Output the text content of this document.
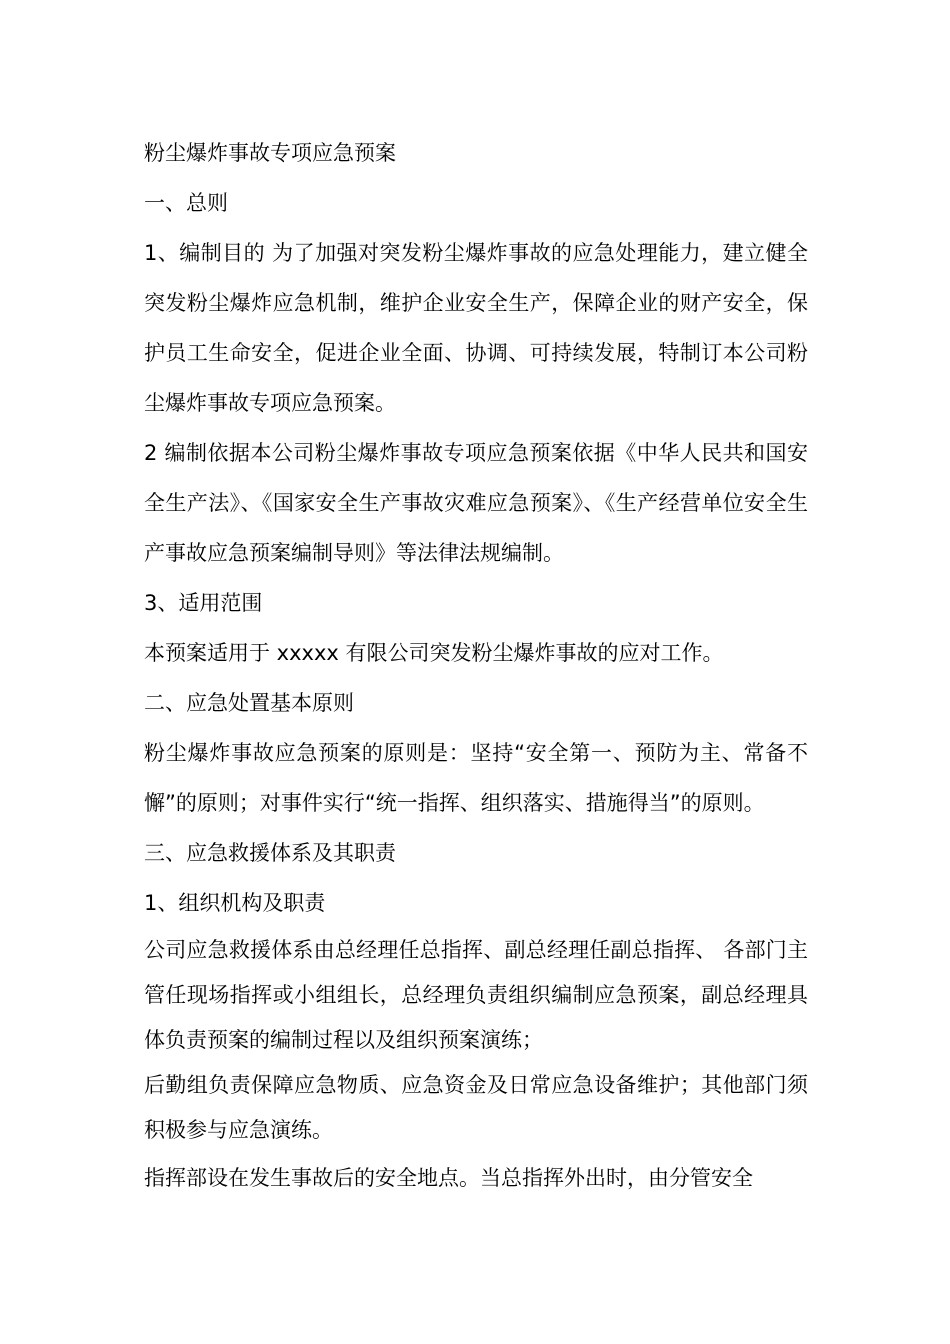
粉尘爆炸事故专项应急预案

一、总则

1、编制目的 为了加强对突发粉尘爆炸事故的应急处理能力，建立健全突发粉尘爆炸应急机制，维护企业安全生产，保障企业的财产安全，保护员工生命安全，促进企业全面、协调、可持续发展，特制订本公司粉尘爆炸事故专项应急预案。

2 编制依据本公司粉尘爆炸事故专项应急预案依据《中华人民共和国安全生产法》、《国家安全生产事故灾难应急预案》、《生产经营单位安全生产事故应急预案编制导则》等法律法规编制。

3、适用范围

本预案适用于 xxxxx 有限公司突发粉尘爆炸事故的应对工作。

二、应急处置基本原则

粉尘爆炸事故应急预案的原则是：坚持“安全第一、预防为主、常备不懈”的原则；对事件实行“统一指挥、组织落实、措施得当”的原则。

三、应急救援体系及其职责

1、组织机构及职责

公司应急救援体系由总经理任总指挥、副总经理任副总指挥、 各部门主管任现场指挥或小组组长，总经理负责组织编制应急预案，副总经理具体负责预案的编制过程以及组织预案演练；

后勤组负责保障应急物质、应急资金及日常应急设备维护；其他部门须积极参与应急演练。

指挥部设在发生事故后的安全地点。当总指挥外出时，由分管安全
